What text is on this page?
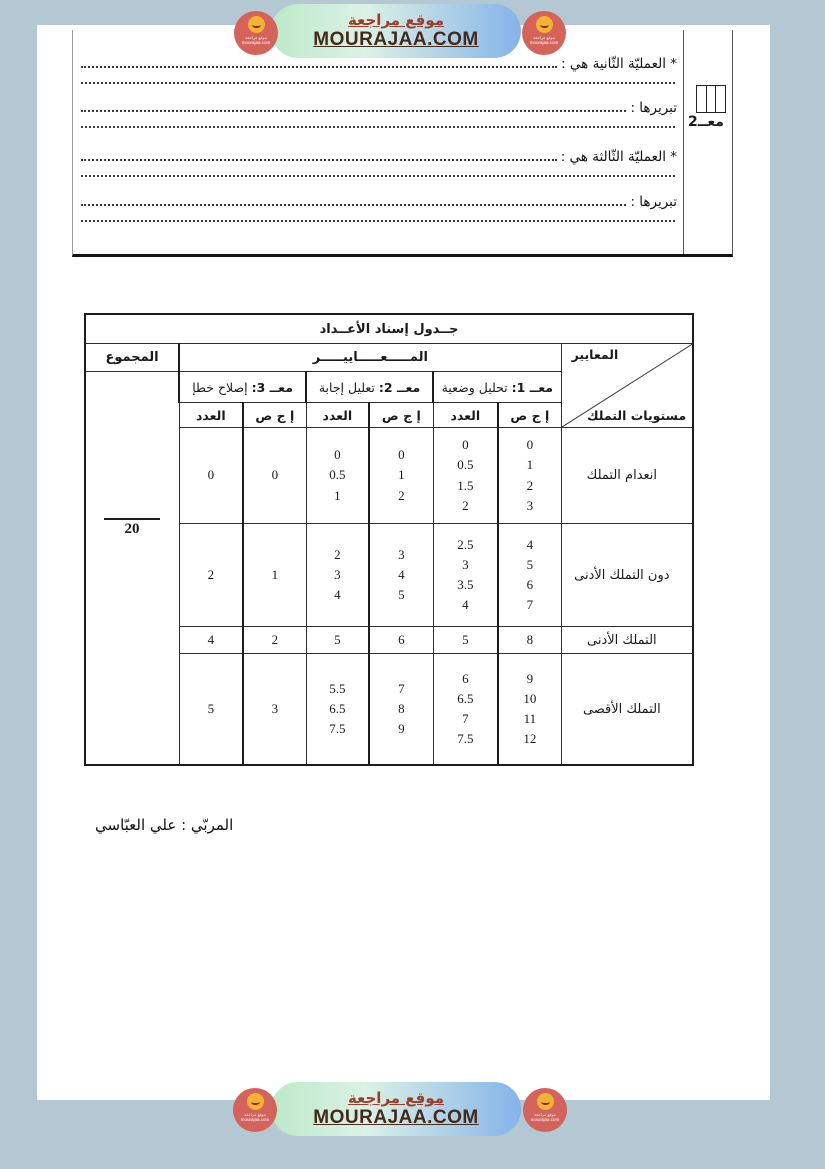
موقع مراجعة
mourajaa.com
موقع مراجعة
MOURAJAA.COM	موقع مراجعة
mourajaa.com
* العمليّة الثّانية هي :
تبريرها :
* العمليّة الثّالثة هي :
تبريرها :
معــ2
جــدول إسناد الأعــداد							

المعايير
مستويات التملك	المـــــعـــــاييـــــر						المجموع
	معــ 1: تحليل وضعية		معــ 2: تعليل إجابة		معــ 3: إصلاح خطإ		20

	إ ج ص	العدد	إ ج ص	العدد	إ ج ص	العدد	
انعدام التملك	0
1
2
3	0
0.5
1.5
2	0
1
2	0
0.5
1	0	0	
دون التملك الأدنى	4
5
6
7	2.5
3
3.5
4	3
4
5	2
3
4	1	2	
التملك الأدنى	8	5	6	5	2	4	
التملك الأقصى	9
10
11
12	6
6.5
7
7.5	7
8
9	5.5
6.5
7.5	3	5	
المربّي : علي العبّاسي
موقع مراجعة
mourajaa.com
موقع مراجعة
MOURAJAA.COM	موقع مراجعة
mourajaa.com
